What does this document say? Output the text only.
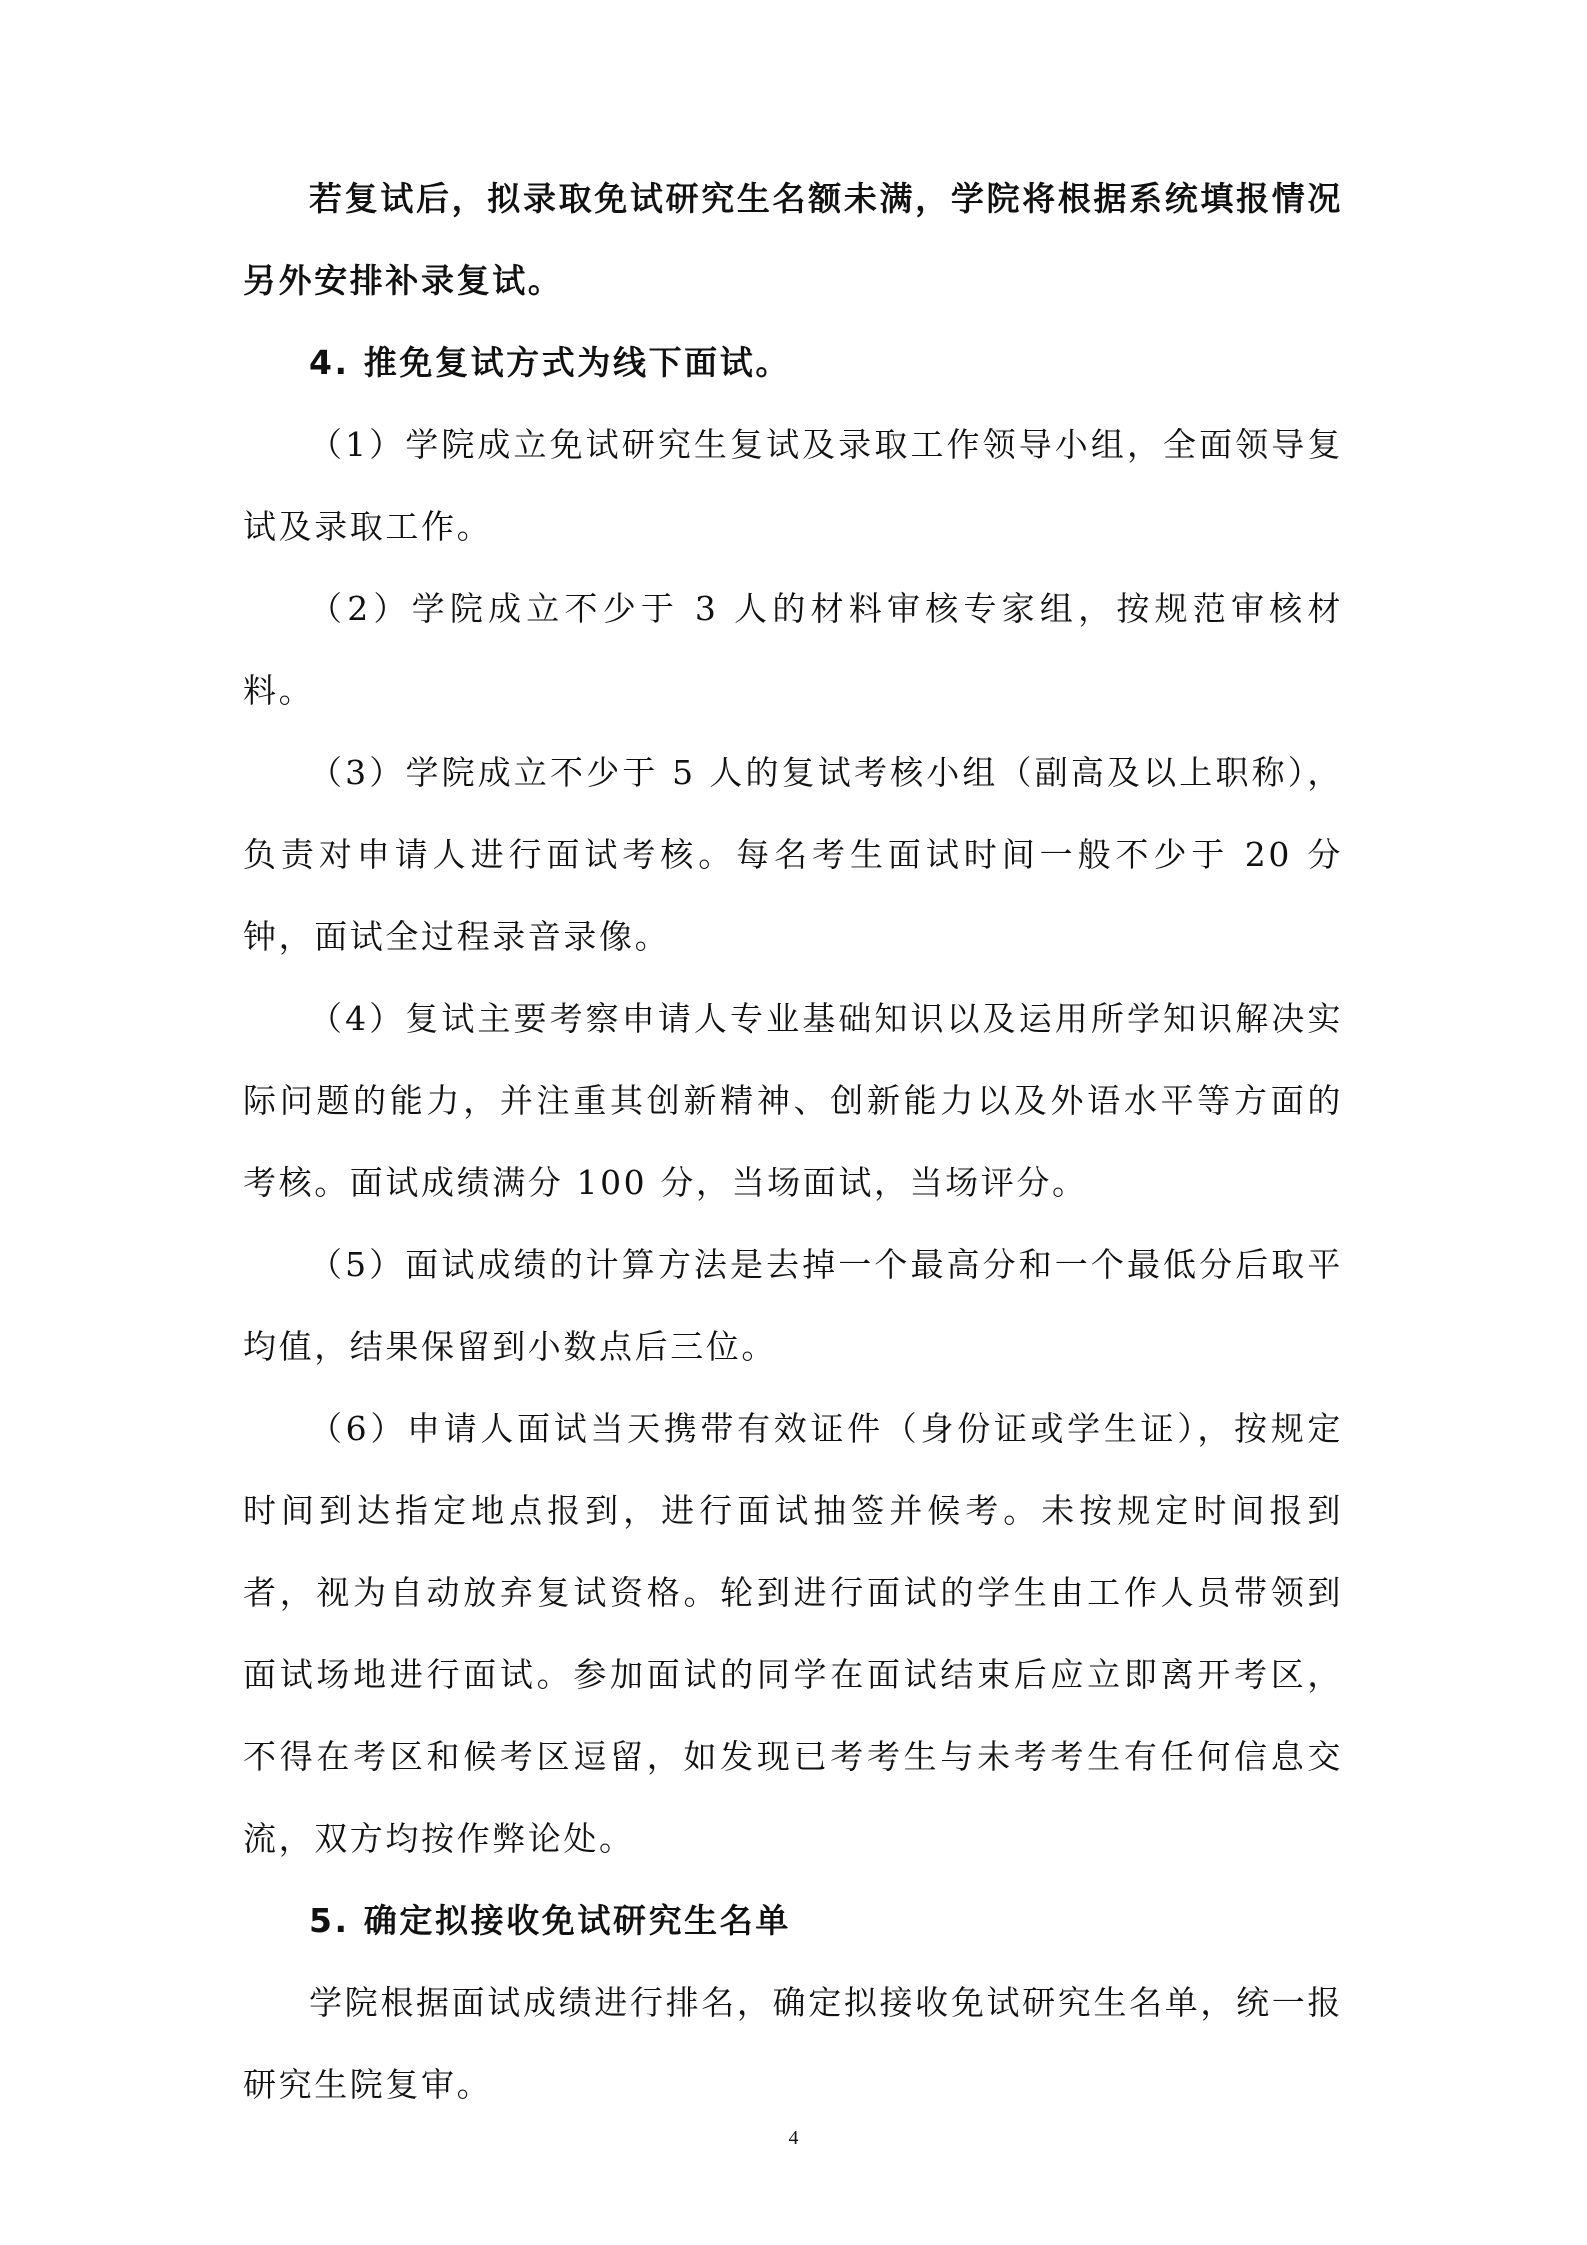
若复试后，拟录取免试研究生名额未满，学院将根据系统填报情况另外安排补录复试。

4. 推免复试方式为线下面试。

（1）学院成立免试研究生复试及录取工作领导小组，全面领导复试及录取工作。

（2）学院成立不少于 3 人的材料审核专家组，按规范审核材料。

（3）学院成立不少于 5 人的复试考核小组（副高及以上职称），负责对申请人进行面试考核。每名考生面试时间一般不少于 20 分钟，面试全过程录音录像。

（4）复试主要考察申请人专业基础知识以及运用所学知识解决实际问题的能力，并注重其创新精神、创新能力以及外语水平等方面的考核。面试成绩满分 100 分，当场面试，当场评分。

（5）面试成绩的计算方法是去掉一个最高分和一个最低分后取平均值，结果保留到小数点后三位。

（6）申请人面试当天携带有效证件（身份证或学生证），按规定时间到达指定地点报到，进行面试抽签并候考。未按规定时间报到者，视为自动放弃复试资格。轮到进行面试的学生由工作人员带领到面试场地进行面试。参加面试的同学在面试结束后应立即离开考区，不得在考区和候考区逗留，如发现已考考生与未考考生有任何信息交流，双方均按作弊论处。

5. 确定拟接收免试研究生名单

学院根据面试成绩进行排名，确定拟接收免试研究生名单，统一报研究生院复审。

4
